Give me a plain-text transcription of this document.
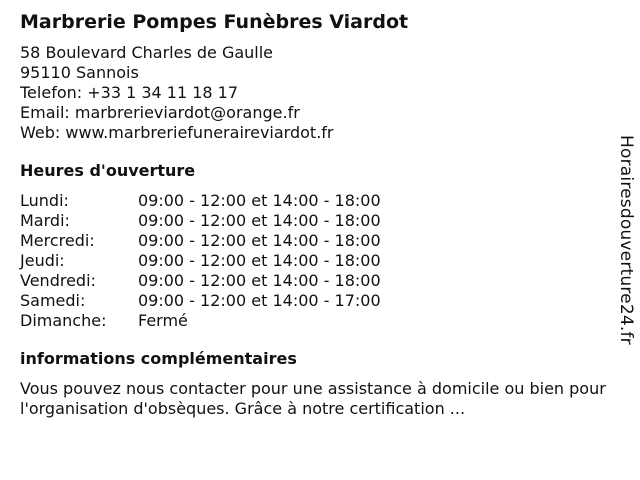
Marbrerie Pompes Funèbres Viardot
58 Boulevard Charles de Gaulle
95110 Sannois
Telefon: +33 1 34 11 18 17
Email: marbrerieviardot@orange.fr
Web: www.marbreriefuneraireviardot.fr
Heures d'ouverture
Lundi:	09:00 - 12:00 et 14:00 - 18:00
Mardi:	09:00 - 12:00 et 14:00 - 18:00
Mercredi:	09:00 - 12:00 et 14:00 - 18:00
Jeudi:	09:00 - 12:00 et 14:00 - 18:00
Vendredi:	09:00 - 12:00 et 14:00 - 18:00
Samedi:	09:00 - 12:00 et 14:00 - 17:00
Dimanche:	Fermé
informations complémentaires
Vous pouvez nous contacter pour une assistance à domicile ou bien pour l'organisation d'obsèques. Grâce à notre certification ...
Horairesdouverture24.fr
